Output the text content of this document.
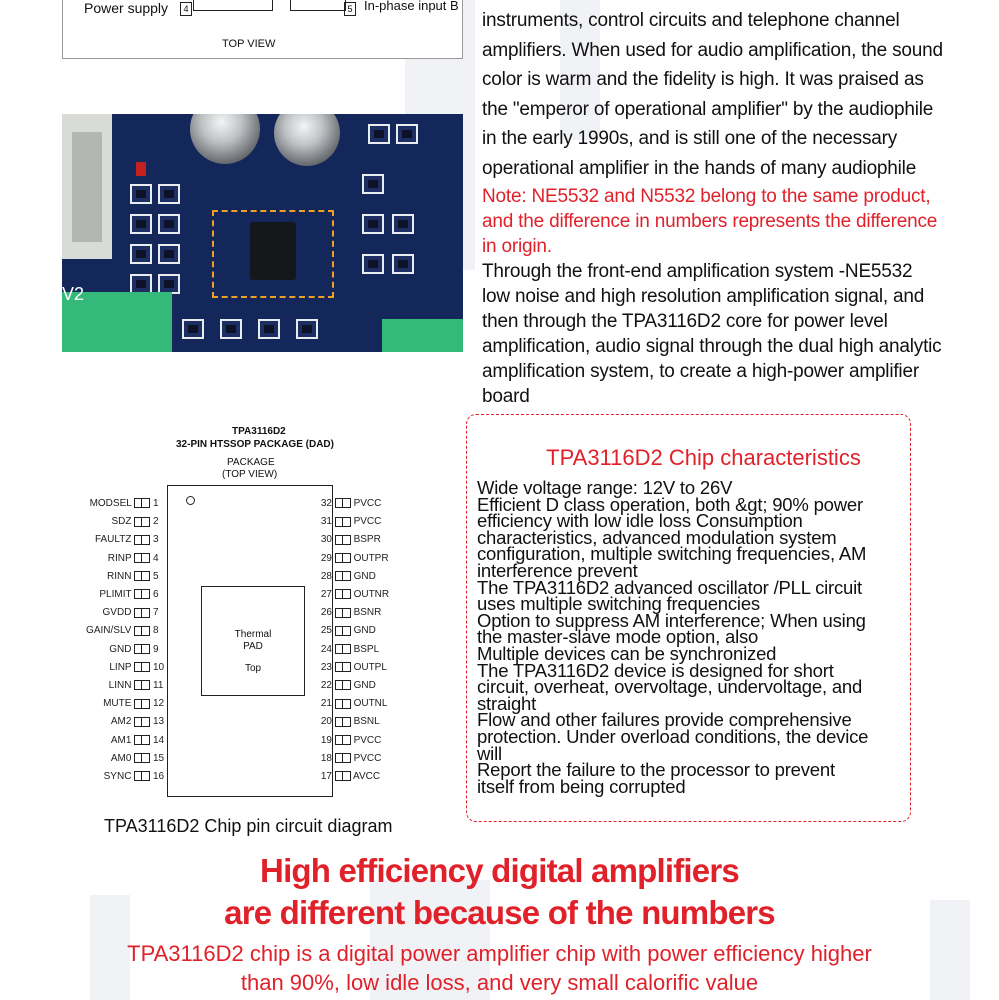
Power supply	4	5 In-phase input B
TOP VIEW
V2
instruments, control circuits and telephone channel
amplifiers. When used for audio amplification, the sound
color is warm and the fidelity is high. It was praised as
the "emperor of operational amplifier" by the audiophile
in the early 1990s, and is still one of the necessary
operational amplifier in the hands of many audiophile
Note: NE5532 and N5532 belong to the same product,
and the difference in numbers represents the difference
in origin.
Through the front-end amplification system -NE5532
low noise and high resolution amplification signal, and
then through the TPA3116D2 core for power level
amplification, audio signal through the dual high analytic
amplification system, to create a high-power amplifier
board
TPA3116D2
32-PIN HTSSOP PACKAGE (DAD)
PACKAGE
(TOP VIEW)
Thermal
PAD
Top
MODSEL 1
SDZ 2
FAULTZ 3
RINP 4
RINN 5
PLIMIT 6
GVDD 7
GAIN/SLV 8
GND 9
LINP 10
LINN 11
MUTE 12
AM2 13
AM1 14
AM0 15
SYNC 16
32 PVCC
31 PVCC
30 BSPR
29 OUTPR
28 GND
27 OUTNR
26 BSNR
25 GND
24 BSPL
23 OUTPL
22 GND
21 OUTNL
20 BSNL
19 PVCC
18 PVCC
17 AVCC
TPA3116D2 Chip pin circuit diagram
TPA3116D2 Chip characteristics
Wide voltage range: 12V to 26V
Efficient D class operation, both &gt; 90% power
efficiency with low idle loss Consumption
characteristics, advanced modulation system
configuration, multiple switching frequencies, AM
interference prevent
The TPA3116D2 advanced oscillator /PLL circuit
uses multiple switching frequencies
Option to suppress AM interference; When using
the master-slave mode option, also
Multiple devices can be synchronized
The TPA3116D2 device is designed for short
circuit, overheat, overvoltage, undervoltage, and
straight
Flow and other failures provide comprehensive
protection. Under overload conditions, the device
will
Report the failure to the processor to prevent
itself from being corrupted
High efficiency digital amplifiers
are different because of the numbers
TPA3116D2 chip is a digital power amplifier chip with power efficiency higher
than 90%, low idle loss, and very small calorific value
